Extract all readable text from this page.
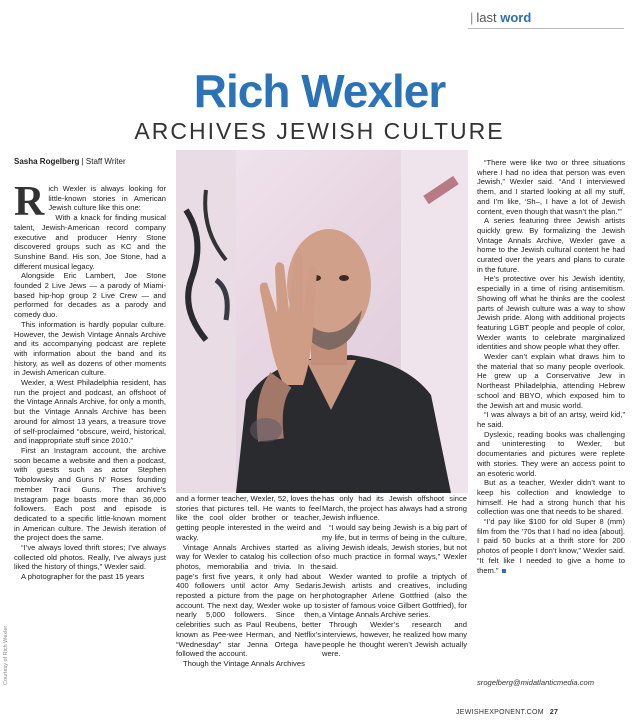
| last word
Rich Wexler
ARCHIVES JEWISH CULTURE
Sasha Rogelberg | Staff Writer
Courtesy of Rich Wexler

Rich Wexler is always looking for little-known stories in American Jewish culture like this one:

With a knack for finding musical talent, Jewish-American record company executive and producer Henry Stone discovered groups such as KC and the Sunshine Band. His son, Joe Stone, had a different musical legacy.

Alongside Eric Lambert, Joe Stone founded 2 Live Jews — a parody of Miami-based hip-hop group 2 Live Crew — and performed for decades as a parody and comedy duo.

This information is hardly popular culture. However, the Jewish Vintage Annals Archive and its accompanying podcast are replete with information about the band and its history, as well as dozens of other moments in Jewish American culture.

Wexler, a West Philadelphia resident, has run the project and podcast, an offshoot of the Vintage Annals Archive, for only a month, but the Vintage Annals Archive has been around for almost 13 years, a treasure trove of self-proclaimed “obscure, weird, historical, and inappropriate stuff since 2010.”

First an Instagram account, the archive soon became a website and then a podcast, with guests such as actor Stephen Tobolowsky and Guns N’ Roses founding member Tracii Guns. The archive’s Instagram page boasts more than 36,000 followers. Each post and episode is dedicated to a specific little-known moment in American culture. The Jewish iteration of the project does the same.

“I’ve always loved thrift stores; I’ve always collected old photos. Really, I’ve always just liked the history of things,” Wexler said.

A photographer for the past 15 years

and a former teacher, Wexler, 52, loves the stories that pictures tell. He wants to feel like the cool older brother or teacher, getting people interested in the weird and wacky.

Vintage Annals Archives started as a way for Wexler to catalog his collection of photos, memorabilia and trivia. In the page’s first five years, it only had about 400 followers until actor Amy Sedaris reposted a picture from the page on her account. The next day, Wexler woke up to nearly 5,000 followers. Since then, celebrities such as Paul Reubens, better known as Pee-wee Herman, and Netflix’s “Wednesday” star Jenna Ortega have followed the account.

Though the Vintage Annals Archives

has only had its Jewish offshoot since March, the project has always had a strong Jewish influence.

“I would say being Jewish is a big part of my life, but in terms of being in the culture, living Jewish ideals, Jewish stories, but not so much practice in formal ways,” Wexler said.

Wexler wanted to profile a triptych of Jewish artists and creatives, including photographer Arlene Gottfried (also the sister of famous voice Gilbert Gottfried), for a Vintage Annals Archive series.

Through Wexler’s research and interviews, however, he realized how many people he thought weren’t Jewish actually were.

“There were like two or three situations where I had no idea that person was even Jewish,” Wexler said. “And I interviewed them, and I started looking at all my stuff, and I’m like, ‘Sh–, I have a lot of Jewish content, even though that wasn’t the plan.’”

A series featuring three Jewish artists quickly grew. By formalizing the Jewish Vintage Annals Archive, Wexler gave a home to the Jewish cultural content he had curated over the years and plans to curate in the future.

He’s protective over his Jewish identity, especially in a time of rising antisemitism. Showing off what he thinks are the coolest parts of Jewish culture was a way to show Jewish pride. Along with additional projects featuring LGBT people and people of color, Wexler wants to celebrate marginalized identities and show people what they offer.

Wexler can’t explain what draws him to the material that so many people overlook. He grew up a Conservative Jew in Northeast Philadelphia, attending Hebrew school and BBYO, which exposed him to the Jewish art and music world.

“I was always a bit of an artsy, weird kid,” he said.

Dyslexic, reading books was challenging and uninteresting to Wexler, but documentaries and pictures were replete with stories. They were an access point to an esoteric world.

But as a teacher, Wexler didn’t want to keep his collection and knowledge to himself. He had a strong hunch that his collection was one that needs to be shared.

“I’d pay like $100 for old Super 8 (mm) film from the ’70s that I had no idea [about]. I paid 50 bucks at a thrift store for 200 photos of people I don’t know,” Wexler said. “It felt like I needed to give a home to them.”

srogelberg@midatlanticmedia.com
JEWISHEXPONENT.COM 27
